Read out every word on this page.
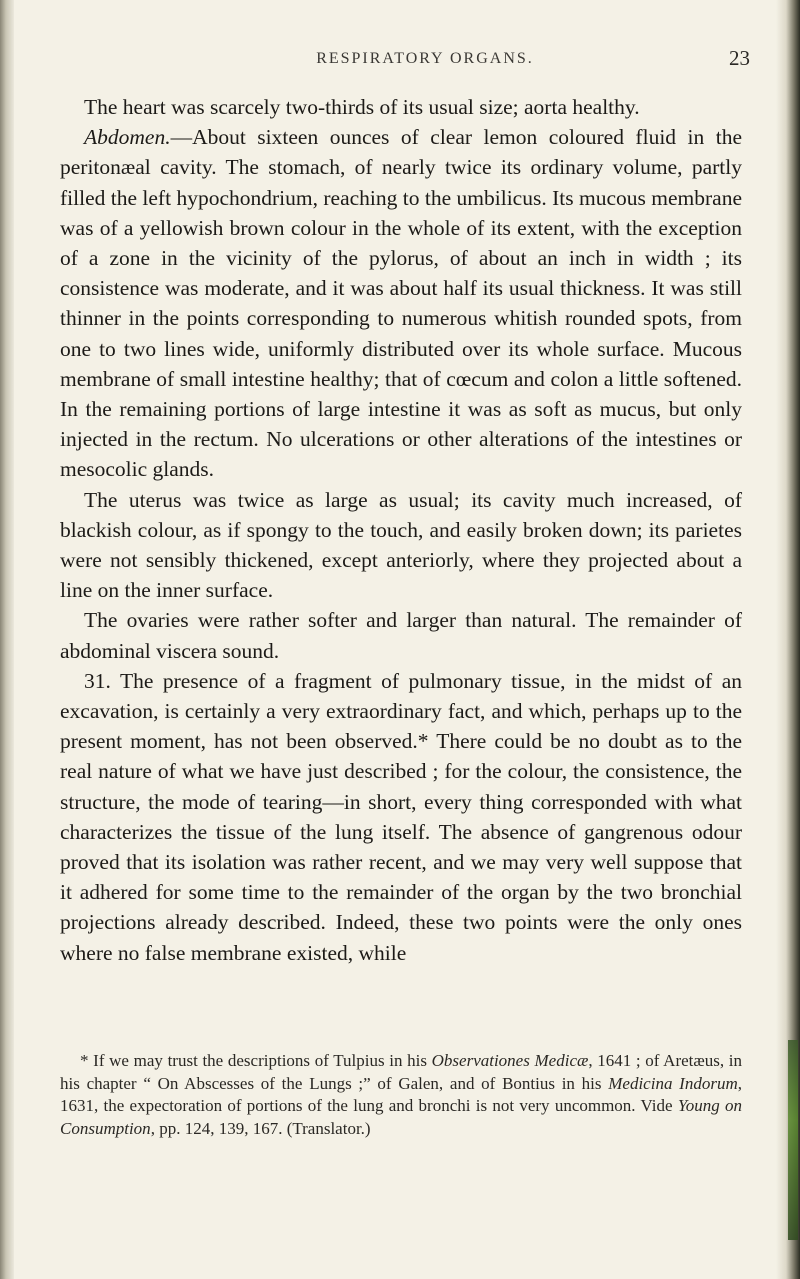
RESPIRATORY ORGANS.	23

The heart was scarcely two-thirds of its usual size; aorta healthy.

Abdomen.—About sixteen ounces of clear lemon coloured fluid in the peritonæal cavity. The stomach, of nearly twice its ordinary volume, partly filled the left hypochondrium, reaching to the umbilicus. Its mucous membrane was of a yellowish brown colour in the whole of its extent, with the exception of a zone in the vicinity of the pylorus, of about an inch in width ; its consistence was moderate, and it was about half its usual thickness. It was still thinner in the points corresponding to numerous whitish rounded spots, from one to two lines wide, uniformly distributed over its whole surface. Mucous membrane of small intestine healthy; that of cœcum and colon a little softened. In the remaining portions of large intestine it was as soft as mucus, but only injected in the rectum. No ulcerations or other alterations of the intestines or mesocolic glands.

The uterus was twice as large as usual; its cavity much increased, of blackish colour, as if spongy to the touch, and easily broken down; its parietes were not sensibly thickened, except anteriorly, where they projected about a line on the inner surface.

The ovaries were rather softer and larger than natural. The remainder of abdominal viscera sound.

31. The presence of a fragment of pulmonary tissue, in the midst of an excavation, is certainly a very extraordinary fact, and which, perhaps up to the present moment, has not been observed.* There could be no doubt as to the real nature of what we have just described ; for the colour, the consistence, the structure, the mode of tearing—in short, every thing corresponded with what characterizes the tissue of the lung itself. The absence of gangrenous odour proved that its isolation was rather recent, and we may very well suppose that it adhered for some time to the remainder of the organ by the two bronchial projections already described. Indeed, these two points were the only ones where no false membrane existed, while

* If we may trust the descriptions of Tulpius in his Observationes Medicæ, 1641 ; of Aretæus, in his chapter “ On Abscesses of the Lungs ;” of Galen, and of Bontius in his Medicina Indorum, 1631, the expectoration of portions of the lung and bronchi is not very uncommon. Vide Young on Consumption, pp. 124, 139, 167. (Translator.)
